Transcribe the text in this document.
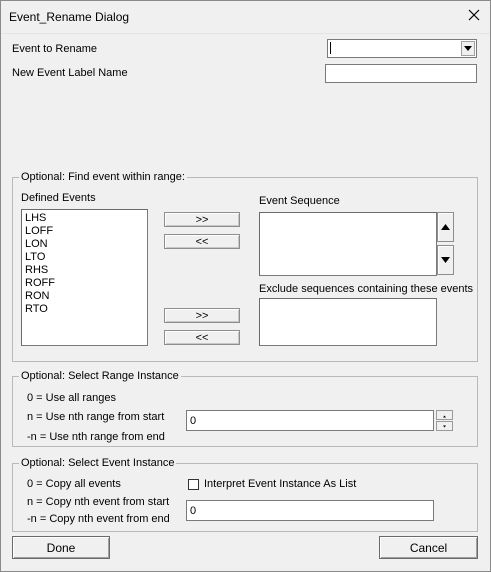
Event_Rename Dialog
Event to Rename
New Event Label Name
Optional: Find event within range:
Defined Events
LHS
LOFF
LON
LTO
RHS
ROFF
RON
RTO
>>
<<
>>
<<
Event Sequence
Exclude sequences containing these events
Optional: Select Range Instance
0 = Use all ranges
n = Use nth range from start
-n = Use nth range from end
0
Optional: Select Event Instance
0 = Copy all events
n = Copy nth event from start
-n = Copy nth event from end
Interpret Event Instance As List
0
Done	Cancel
